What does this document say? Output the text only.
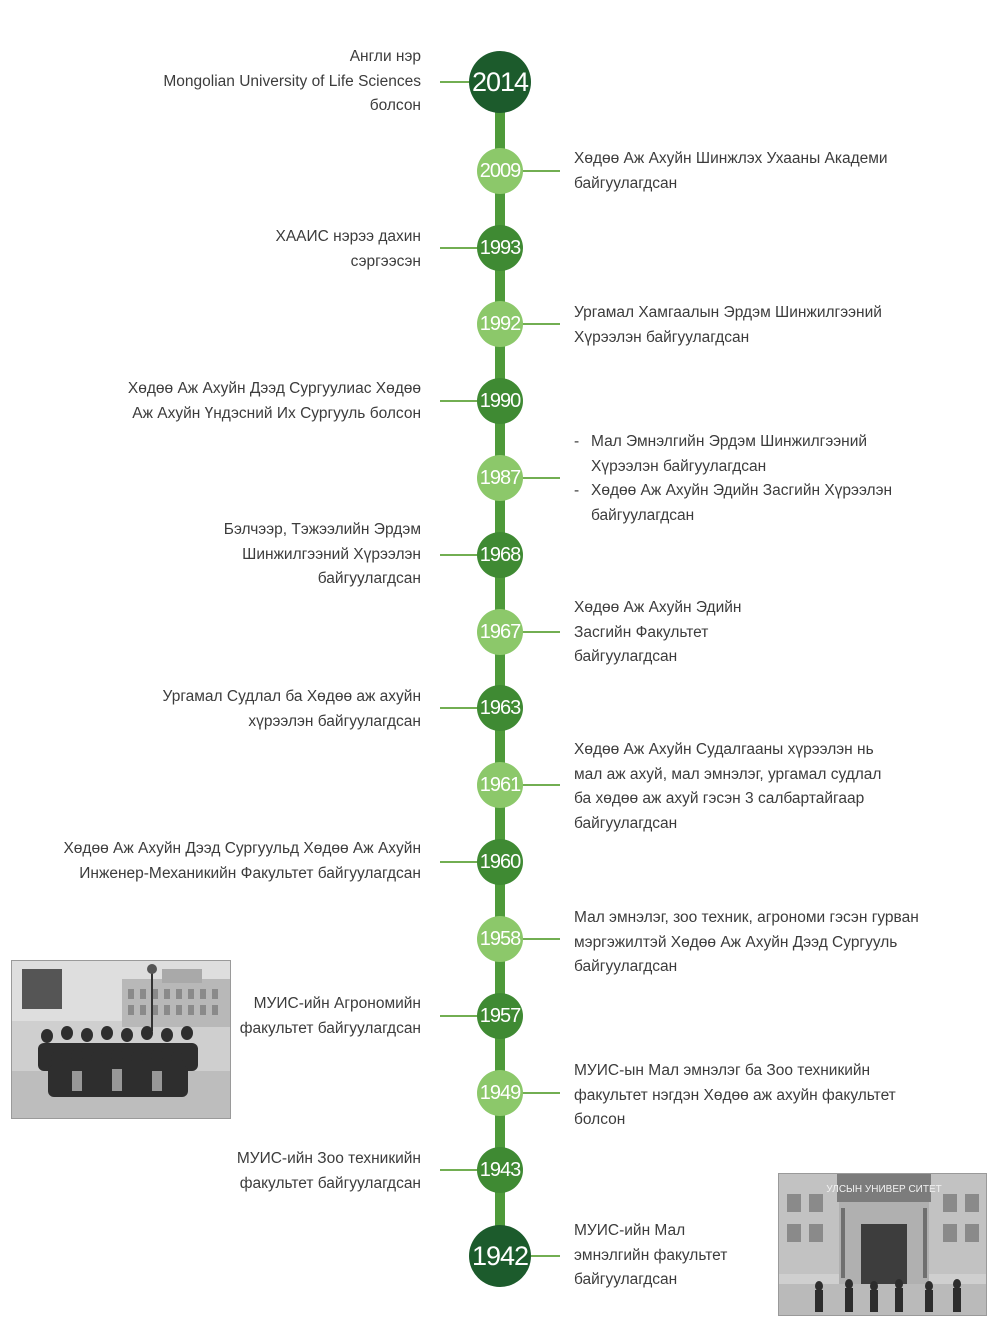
2014
Англи нэр
Mongolian University of Life Sciences
болсон
2009
Хөдөө Аж Ахуйн Шинжлэх Ухааны Академи
байгуулагдсан
1993
ХААИС нэрээ дахин
сэргээсэн
1992	Ургамал Хамгаалын Эрдэм Шинжилгээний
Хүрээлэн байгуулагдсан
1990
Хөдөө Аж Ахуйн Дээд Сургуулиас Хөдөө
Аж Ахуйн Үндэсний Их Сургууль болсон
1987
- Мал Эмнэлгийн Эрдэм Шинжилгээний
Хүрээлэн байгуулагдсан
- Хөдөө Аж Ахуйн Эдийн Засгийн Хүрээлэн
байгуулагдсан
1968
Бэлчээр, Тэжээлийн Эрдэм
Шинжилгээний Хүрээлэн
байгуулагдсан
1967
Хөдөө Аж Ахуйн Эдийн
Засгийн Факультет
байгуулагдсан
1963
Ургамал Судлал ба Хөдөө аж ахуйн
хүрээлэн байгуулагдсан
1961
Хөдөө Аж Ахуйн Судалгааны хүрээлэн нь
мал аж ахуй, мал эмнэлэг, ургамал судлал
ба хөдөө аж ахуй гэсэн 3 салбартайгаар
байгуулагдсан
1960
Хөдөө Аж Ахуйн Дээд Сургуульд Хөдөө Аж Ахуйн
Инженер-Механикийн Факультет байгуулагдсан
1958
Мал эмнэлэг, зоо техник, агрономи гэсэн гурван
мэргэжилтэй Хөдөө Аж Ахуйн Дээд Сургууль
байгуулагдсан
1957
МУИС-ийн Агрономийн
факультет байгуулагдсан
1949
МУИС-ын Мал эмнэлэг ба Зоо техникийн
факультет нэгдэн Хөдөө аж ахуйн факультет
болсон
1943
МУИС-ийн Зоо техникийн
факультет байгуулагдсан
1942
МУИС-ийн Мал
эмнэлгийн факультет
байгуулагдсан
УЛСЫН УНИВЕР СИТЕТ
